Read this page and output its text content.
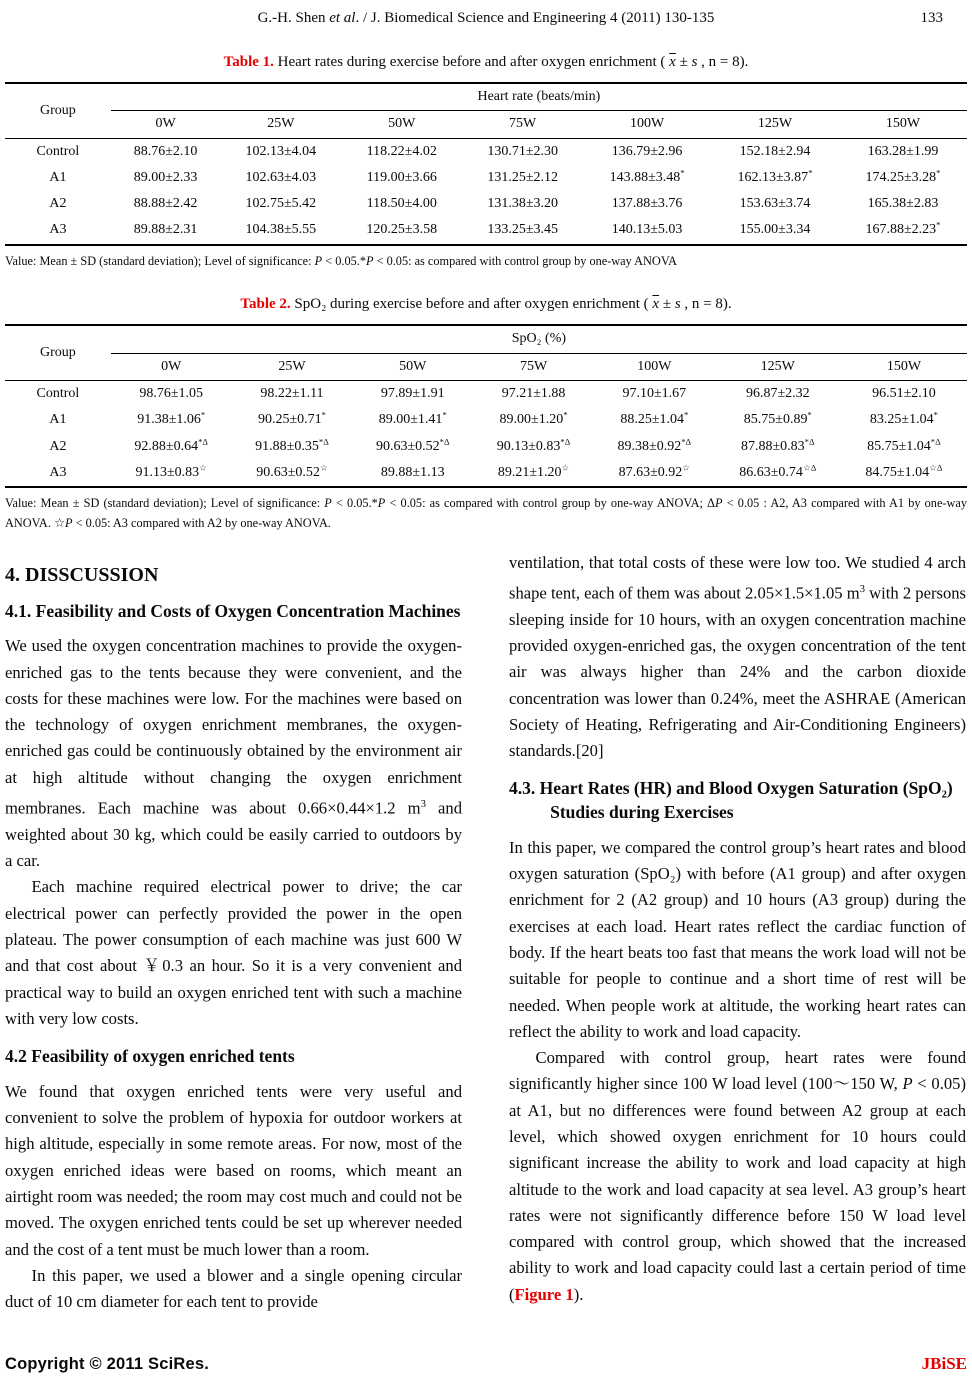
G.-H. Shen et al. / J. Biomedical Science and Engineering 4 (2011) 130-135	133
Table 1. Heart rates during exercise before and after oxygen enrichment ( $\overline{x} \pm s$ , n = 8).
Group	Heart rate (beats/min)						
	0W	25W	50W	75W	100W	125W	150W
Control	88.76±2.10	102.13±4.04	118.22±4.02	130.71±2.30	136.79±2.96	152.18±2.94	163.28±1.99
A1	89.00±2.33	102.63±4.03	119.00±3.66	131.25±2.12	143.88±3.48*	162.13±3.87*	174.25±3.28*
A2	88.88±2.42	102.75±5.42	118.50±4.00	131.38±3.20	137.88±3.76	153.63±3.74	165.38±2.83
A3	89.88±2.31	104.38±5.55	120.25±3.58	133.25±3.45	140.13±5.03	155.00±3.34	167.88±2.23*
Value: Mean ± SD (standard deviation); Level of significance: P < 0.05.*P < 0.05: as compared with control group by one-way ANOVA
Table 2. SpO₂ during exercise before and after oxygen enrichment ( $\overline{x} \pm s$ , n = 8).
Group	SpO₂ (%)						
	0W	25W	50W	75W	100W	125W	150W
Control	98.76±1.05	98.22±1.11	97.89±1.91	97.21±1.88	97.10±1.67	96.87±2.32	96.51±2.10
A1	91.38±1.06*	90.25±0.71*	89.00±1.41*	89.00±1.20*	88.25±1.04*	85.75±0.89*	83.25±1.04*
A2	$92.88\pm 0.64^{*\Delta}$	$91.88\pm 0.35^{*\Delta}$	$90.63\pm 0.52^{*\Delta}$	$90.13\pm 0.83^{*\Delta}$	$89.38\pm 0.92^{*\Delta}$	$87.88\pm 0.83^{*\Delta}$	$85.75\pm 1.04^{*\Delta}$
A3	91.13±0.83☆	90.63±0.52☆	89.88±1.13	89.21±1.20☆	87.63±0.92☆	$86.63\pm 0.74^{☆\Delta}$	$84.75\pm 1.04^{☆\Delta}$
Value: Mean ± SD (standard deviation); Level of significance: P < 0.05.*P < 0.05: as compared with control group by one-way ANOVA; ΔP < 0.05 : A2, A3 compared with A1 by one-way ANOVA. ☆P < 0.05: A3 compared with A2 by one-way ANOVA.
4. DISSCUSSION
4.1. Feasibility and Costs of Oxygen Concentration Machines

We used the oxygen concentration machines to provide the oxygen-enriched gas to the tents because they were convenient, and the costs for these machines were low. For the machines were based on the technology of oxygen enrichment membranes, the oxygen-enriched gas could be continuously obtained by the environment air at high altitude without changing the oxygen enrichment membranes. Each machine was about 0.66×0.44×1.2 $m^3$ and weighted about 30 kg, which could be easily carried to outdoors by a car.

Each machine required electrical power to drive; the car electrical power can perfectly provided the power in the open plateau. The power consumption of each machine was just 600 W and that cost about ￥0.3 an hour. So it is a very convenient and practical way to build an oxygen enriched tent with such a machine with very low costs.

4.2 Feasibility of oxygen enriched tents

We found that oxygen enriched tents were very useful and convenient to solve the problem of hypoxia for outdoor workers at high altitude, especially in some remote areas. For now, most of the oxygen enriched ideas were based on rooms, which meant an airtight room was needed; the room may cost much and could not be moved. The oxygen enriched tents could be set up wherever needed and the cost of a tent must be much lower than a room.

In this paper, we used a blower and a single opening circular duct of 10 cm diameter for each tent to provide

ventilation, that total costs of these were low too. We studied 4 arch shape tent, each of them was about 2.05×1.5×1.05 $m^3$ with 2 persons sleeping inside for 10 hours, with an oxygen concentration machine provided oxygen-enriched gas, the oxygen concentration of the tent air was always higher than 24% and the carbon dioxide concentration was lower than 0.24%, meet the ASHRAE (American Society of Heating, Refrigerating and Air-Conditioning Engineers) standards.[20]

4.3. Heart Rates (HR) and Blood Oxygen Saturation (SpO₂) Studies during Exercises

In this paper, we compared the control group’s heart rates and blood oxygen saturation (SpO₂) with before (A1 group) and after oxygen enrichment for 2 (A2 group) and 10 hours (A3 group) during the exercises at each load. Heart rates reflect the cardiac function of body. If the heart beats too fast that means the work load will not be suitable for people to continue and a short time of rest will be needed. When people work at altitude, the working heart rates can reflect the ability to work and load capacity.

Compared with control group, heart rates were found significantly higher since 100 W load level (100～150 W, P < 0.05) at A1, but no differences were found between A2 group at each level, which showed oxygen enrichment for 10 hours could significant increase the ability to work and load capacity at high altitude to the work and load capacity at sea level. A3 group’s heart rates were not significantly difference before 150 W load level compared with control group, which showed that the increased ability to work and load capacity could last a certain period of time (Figure 1).

Copyright © 2011 SciRes.	JBiSE
